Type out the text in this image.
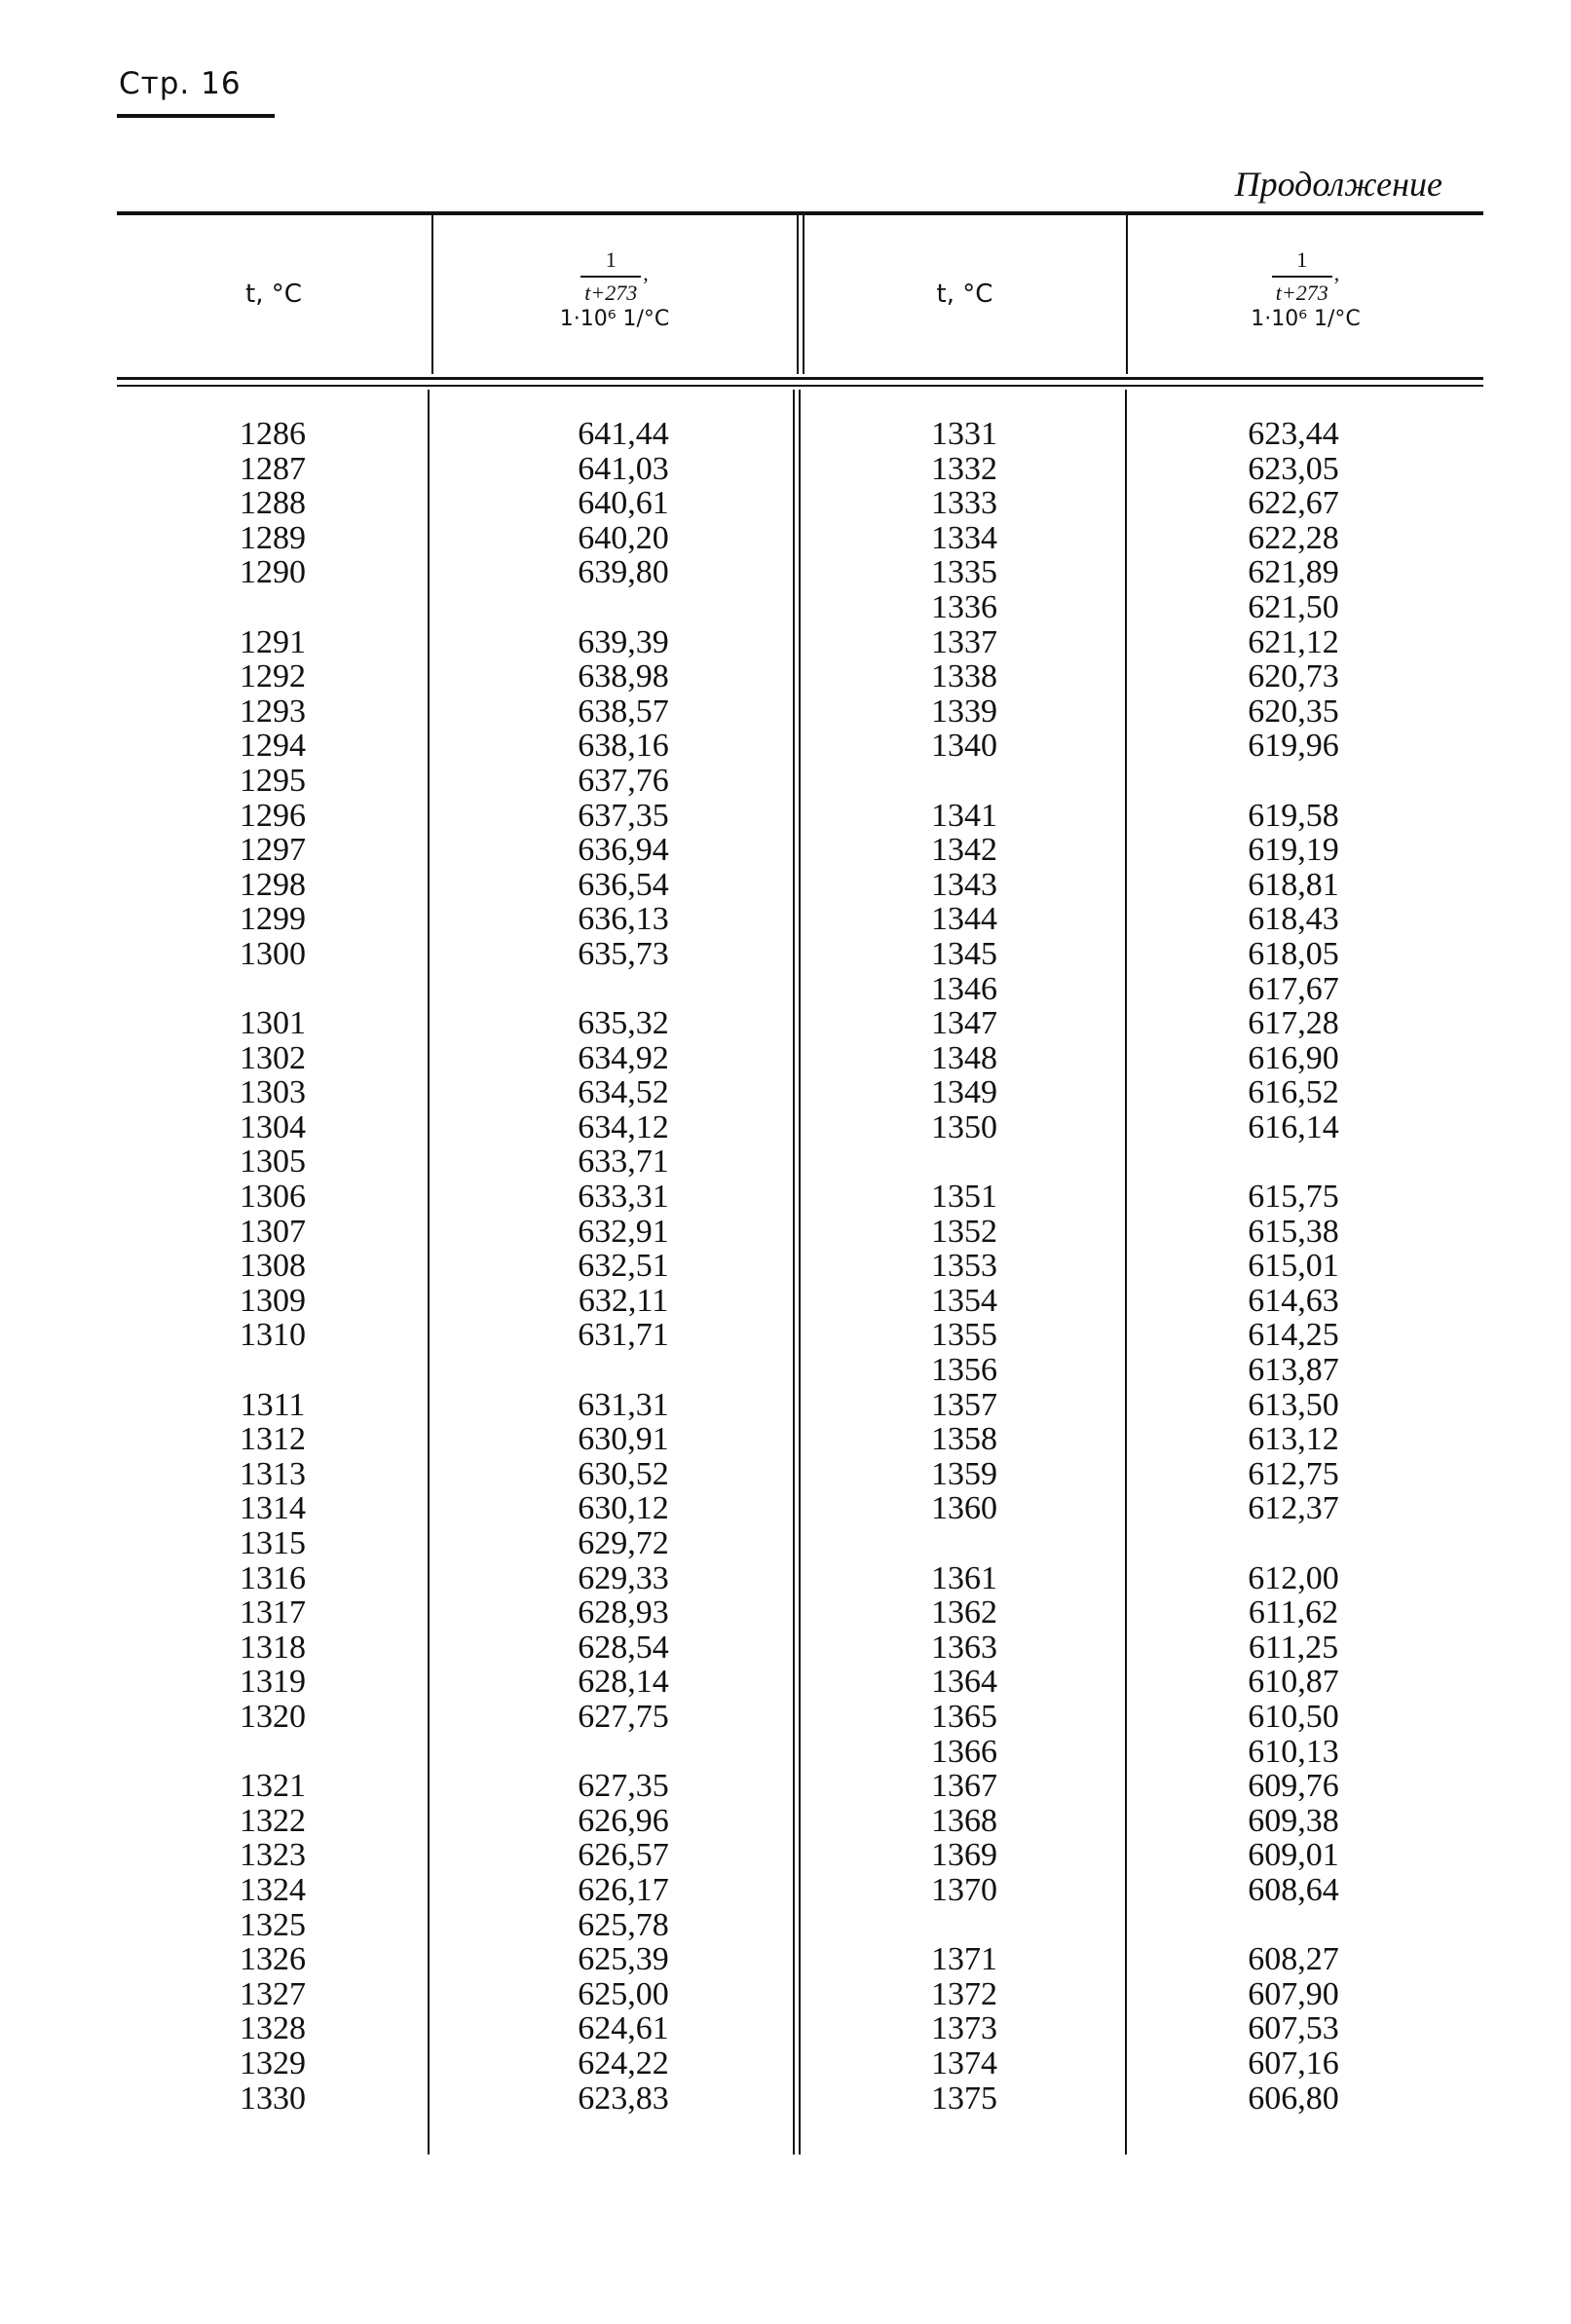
Стр. 16
Продолжение
t, °C	$\frac{1}{t+273}$ ,
1·10⁶ 1/°C
t, °C	$\frac{1}{t+273}$ ,
1·10⁶ 1/°C
1286
1287
1288
1289
1290
1291
1292
1293
1294
1295
1296
1297
1298
1299
1300
1301
1302
1303
1304
1305
1306
1307
1308
1309
1310
1311
1312
1313
1314
1315
1316
1317
1318
1319
1320
1321
1322
1323
1324
1325
1326
1327
1328
1329
1330
641,44
641,03
640,61
640,20
639,80
639,39
638,98
638,57
638,16
637,76
637,35
636,94
636,54
636,13
635,73
635,32
634,92
634,52
634,12
633,71
633,31
632,91
632,51
632,11
631,71
631,31
630,91
630,52
630,12
629,72
629,33
628,93
628,54
628,14
627,75
627,35
626,96
626,57
626,17
625,78
625,39
625,00
624,61
624,22
623,83
1331
1332
1333
1334
1335
1336
1337
1338
1339
1340
1341
1342
1343
1344
1345
1346
1347
1348
1349
1350
1351
1352
1353
1354
1355
1356
1357
1358
1359
1360
1361
1362
1363
1364
1365
1366
1367
1368
1369
1370
1371
1372
1373
1374
1375
623,44
623,05
622,67
622,28
621,89
621,50
621,12
620,73
620,35
619,96
619,58
619,19
618,81
618,43
618,05
617,67
617,28
616,90
616,52
616,14
615,75
615,38
615,01
614,63
614,25
613,87
613,50
613,12
612,75
612,37
612,00
611,62
611,25
610,87
610,50
610,13
609,76
609,38
609,01
608,64
608,27
607,90
607,53
607,16
606,80
